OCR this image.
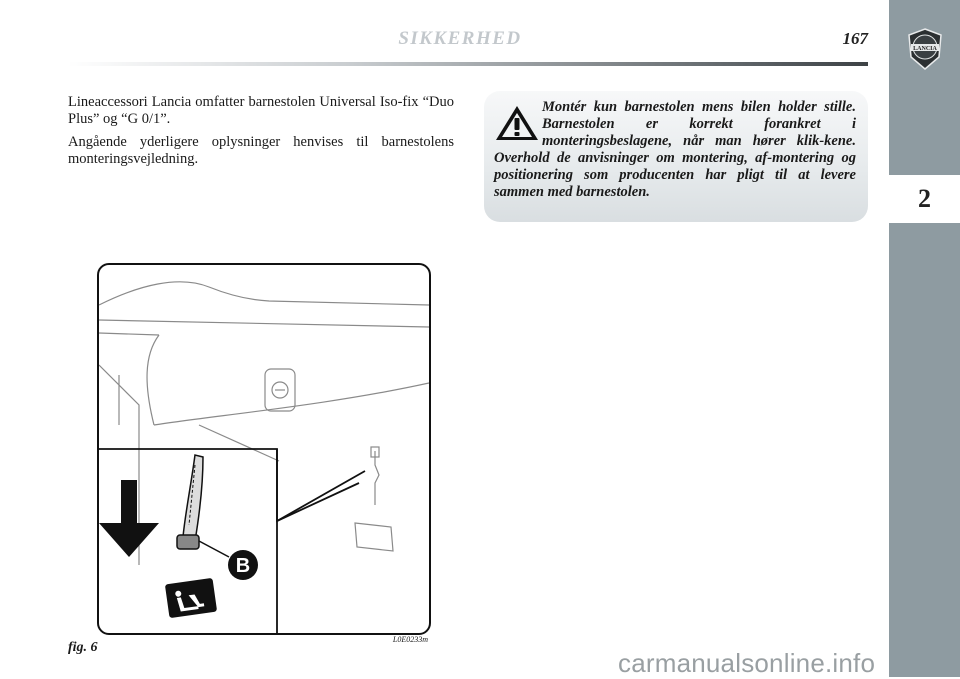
SIKKERHED	167
LANCIA
2

Lineaccessori Lancia omfatter barnestolen Universal Iso-fix “Duo Plus” og “G 0/1”.

Angående yderligere oplysninger henvises til barnestolens monteringsvejledning.

Montér kun barnestolen mens bilen holder stille. Barnestolen er korrekt forankret i monteringsbeslagene, når man hører klik-kene. Overhold de anvisninger om montering, af-montering og positionering som producenten har pligt til at levere sammen med barnestolen.
B
fig. 6
L0E0233m
carmanualsonline.info
